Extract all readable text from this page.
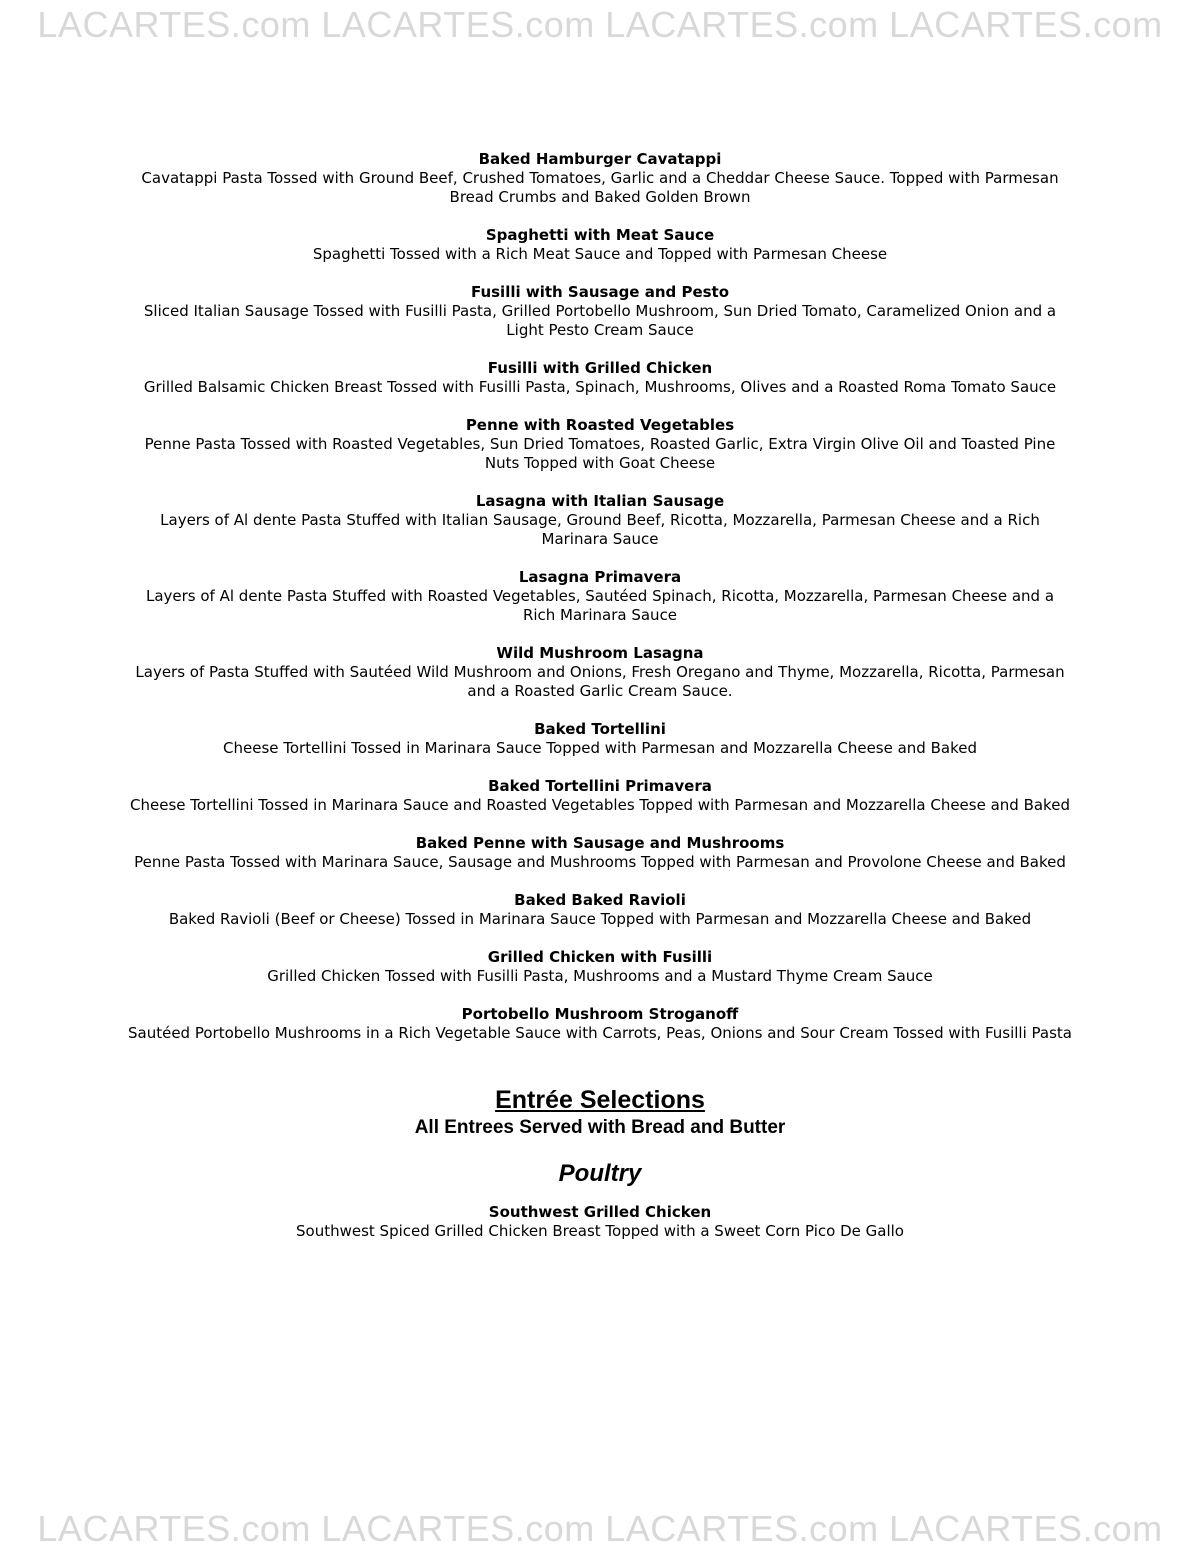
LACARTES.com LACARTES.com LACARTES.com LACARTES.com
Baked Hamburger Cavatappi
Cavatappi Pasta Tossed with Ground Beef, Crushed Tomatoes, Garlic and a Cheddar Cheese Sauce. Topped with Parmesan Bread Crumbs and Baked Golden Brown
Spaghetti with Meat Sauce
Spaghetti Tossed with a Rich Meat Sauce and Topped with Parmesan Cheese
Fusilli with Sausage and Pesto
Sliced Italian Sausage Tossed with Fusilli Pasta, Grilled Portobello Mushroom, Sun Dried Tomato, Caramelized Onion and a Light Pesto Cream Sauce
Fusilli with Grilled Chicken
Grilled Balsamic Chicken Breast Tossed with Fusilli Pasta, Spinach, Mushrooms, Olives and a Roasted Roma Tomato Sauce
Penne with Roasted Vegetables
Penne Pasta Tossed with Roasted Vegetables, Sun Dried Tomatoes, Roasted Garlic, Extra Virgin Olive Oil and Toasted Pine Nuts Topped with Goat Cheese
Lasagna with Italian Sausage
Layers of Al dente Pasta Stuffed with Italian Sausage, Ground Beef, Ricotta, Mozzarella, Parmesan Cheese and a Rich Marinara Sauce
Lasagna Primavera
Layers of Al dente Pasta Stuffed with Roasted Vegetables, Sautéed Spinach, Ricotta, Mozzarella, Parmesan Cheese and a Rich Marinara Sauce
Wild Mushroom Lasagna
Layers of Pasta Stuffed with Sautéed Wild Mushroom and Onions, Fresh Oregano and Thyme, Mozzarella, Ricotta, Parmesan and a Roasted Garlic Cream Sauce.
Baked Tortellini
Cheese Tortellini Tossed in Marinara Sauce Topped with Parmesan and Mozzarella Cheese and Baked
Baked Tortellini Primavera
Cheese Tortellini Tossed in Marinara Sauce and Roasted Vegetables Topped with Parmesan and Mozzarella Cheese and Baked
Baked Penne with Sausage and Mushrooms
Penne Pasta Tossed with Marinara Sauce, Sausage and Mushrooms Topped with Parmesan and Provolone Cheese and Baked
Baked Baked Ravioli
Baked Ravioli (Beef or Cheese) Tossed in Marinara Sauce Topped with Parmesan and Mozzarella Cheese and Baked
Grilled Chicken with Fusilli
Grilled Chicken Tossed with Fusilli Pasta, Mushrooms and a Mustard Thyme Cream Sauce
Portobello Mushroom Stroganoff
Sautéed Portobello Mushrooms in a Rich Vegetable Sauce with Carrots, Peas, Onions and Sour Cream Tossed with Fusilli Pasta
Entrée Selections
All Entrees Served with Bread and Butter
Poultry
Southwest Grilled Chicken
Southwest Spiced Grilled Chicken Breast Topped with a Sweet Corn Pico De Gallo
LACARTES.com LACARTES.com LACARTES.com LACARTES.com
